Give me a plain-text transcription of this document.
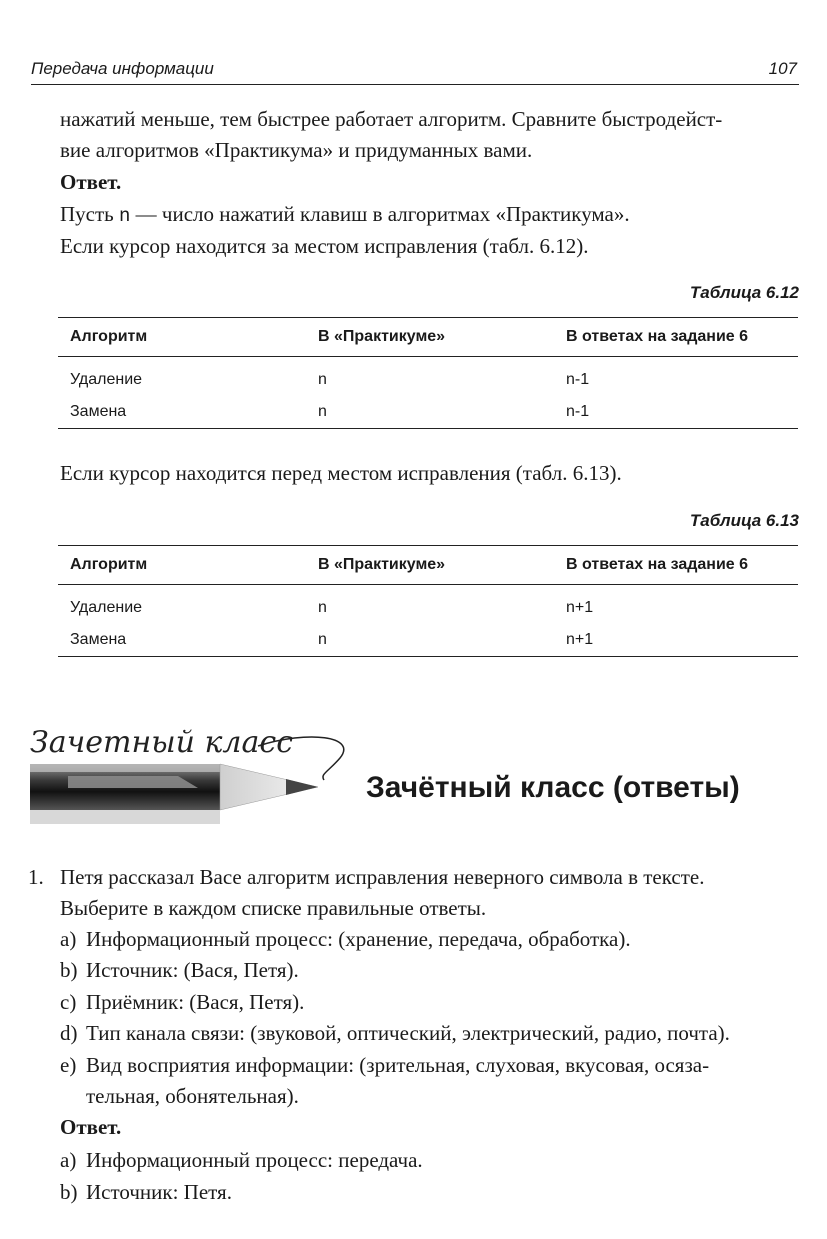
Передача информации	107
нажатий меньше, тем быстрее работает алгоритм. Сравните быстродейст-
вие алгоритмов «Практикума» и придуманных вами.
Ответ.
Пусть n — число нажатий клавиш в алгоритмах «Практикума».
Если курсор находится за местом исправления (табл. 6.12).
Таблица 6.12
Алгоритм	В «Практикуме»	В ответах на задание 6
Удаление	n	n-1
Замена	n	n-1
Если курсор находится перед местом исправления (табл. 6.13).
Таблица 6.13
Алгоритм	В «Практикуме»	В ответах на задание 6
Удаление	n	n+1
Замена	n	n+1
Зачетный класс
Зачётный класс (ответы)
1. Петя рассказал Васе алгоритм исправления неверного символа в тексте.
Выберите в каждом списке правильные ответы.
a) Информационный процесс: (хранение, передача, обработка).
b) Источник: (Вася, Петя).
c) Приёмник: (Вася, Петя).
d) Тип канала связи: (звуковой, оптический, электрический, радио, почта).
e) Вид восприятия информации: (зрительная, слуховая, вкусовая, осяза-
тельная, обонятельная).
Ответ.
a) Информационный процесс: передача.
b) Источник: Петя.
